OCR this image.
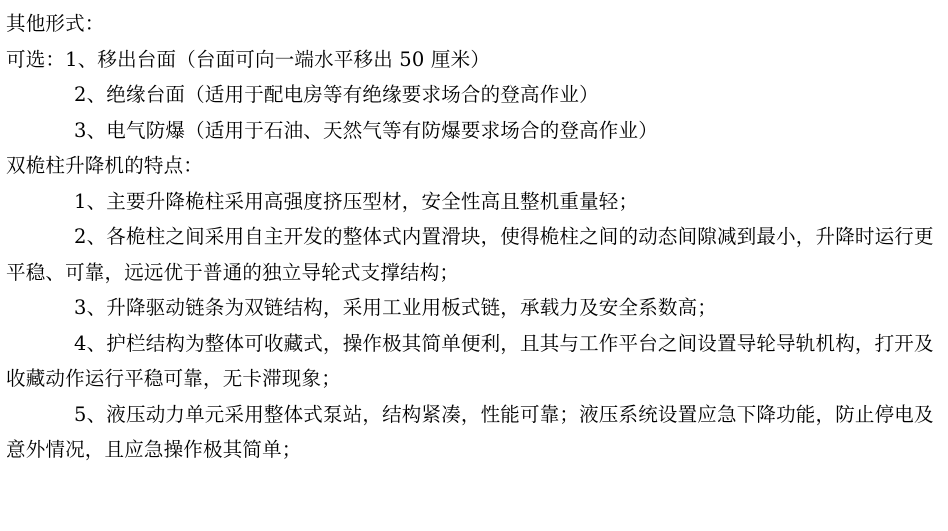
其他形式：
可选：1、移出台面（台面可向一端水平移出 50 厘米）
2、绝缘台面（适用于配电房等有绝缘要求场合的登高作业）
3、电气防爆（适用于石油、天然气等有防爆要求场合的登高作业）
双桅柱升降机的特点：
1、主要升降桅柱采用高强度挤压型材，安全性高且整机重量轻；
2、各桅柱之间采用自主开发的整体式内置滑块，使得桅柱之间的动态间隙减到最小，升降时运行更平稳、可靠，远远优于普通的独立导轮式支撑结构；
3、升降驱动链条为双链结构，采用工业用板式链，承载力及安全系数高；
4、护栏结构为整体可收藏式，操作极其简单便利，且其与工作平台之间设置导轮导轨机构，打开及收藏动作运行平稳可靠，无卡滞现象；
5、液压动力单元采用整体式泵站，结构紧凑，性能可靠；液压系统设置应急下降功能，防止停电及意外情况，且应急操作极其简单；
